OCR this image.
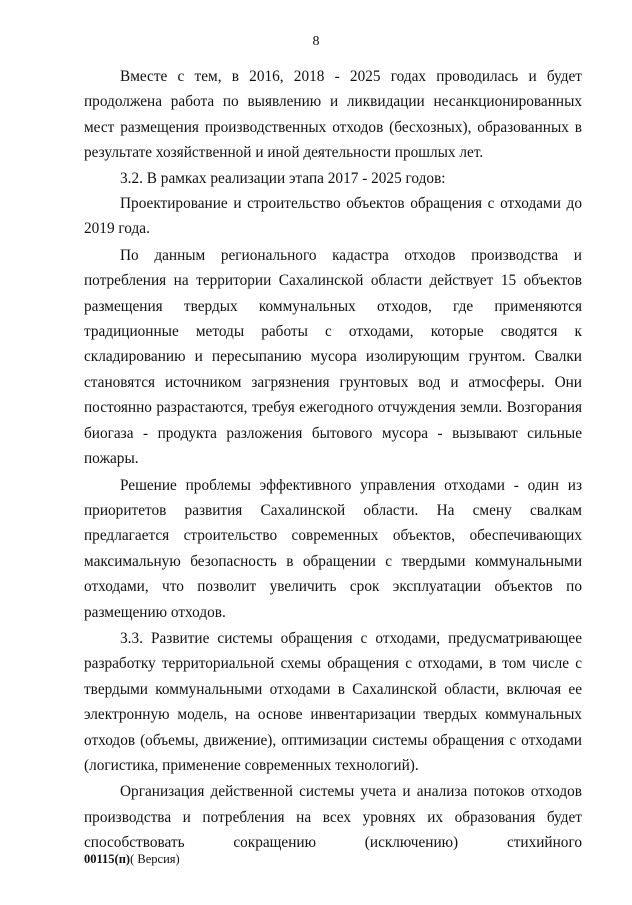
8

Вместе с тем, в 2016, 2018 - 2025 годах проводилась и будет продолжена работа по выявлению и ликвидации несанкционированных мест размещения производственных отходов (бесхозных), образованных в результате хозяйственной и иной деятельности прошлых лет.

3.2. В рамках реализации этапа 2017 - 2025 годов:

Проектирование и строительство объектов обращения с отходами до 2019 года.

По данным регионального кадастра отходов производства и потребления на территории Сахалинской области действует 15 объектов размещения твердых коммунальных отходов, где применяются традиционные методы работы с отходами, которые сводятся к складированию и пересыпанию мусора изолирующим грунтом. Свалки становятся источником загрязнения грунтовых вод и атмосферы. Они постоянно разрастаются, требуя ежегодного отчуждения земли. Возгорания биогаза - продукта разложения бытового мусора - вызывают сильные пожары.

Решение проблемы эффективного управления отходами - один из приоритетов развития Сахалинской области. На смену свалкам предлагается строительство современных объектов, обеспечивающих максимальную безопасность в обращении с твердыми коммунальными отходами, что позволит увеличить срок эксплуатации объектов по размещению отходов.

3.3. Развитие системы обращения с отходами, предусматривающее разработку территориальной схемы обращения с отходами, в том числе с твердыми коммунальными отходами в Сахалинской области, включая ее электронную модель, на основе инвентаризации твердых коммунальных отходов (объемы, движение), оптимизации системы обращения с отходами (логистика, применение современных технологий).

Организация действенной системы учета и анализа потоков отходов производства и потребления на всех уровнях их образования будет способствовать сокращению (исключению) стихийного

00115(п)( Версия)
